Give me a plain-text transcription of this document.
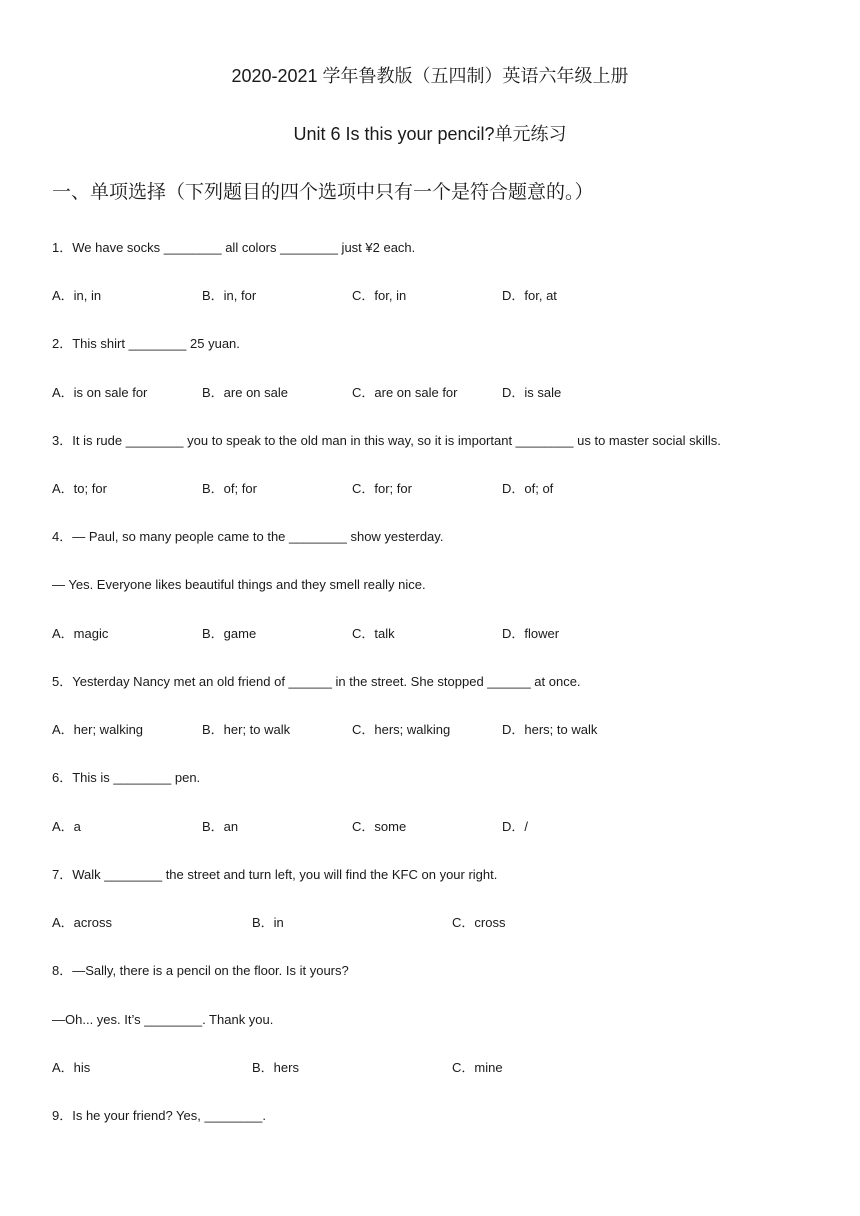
2020-2021 学年鲁教版（五四制）英语六年级上册
Unit 6 Is this your pencil?单元练习
一、单项选择（下列题目的四个选项中只有一个是符合题意的。）
1．We have socks ________ all colors ________ just ¥2 each.
A．in, in	B．in, for	C．for, in	D．for, at
2．This shirt ________ 25 yuan.
A．is on sale for	B．are on sale	C．are on sale for	D．is sale
3．It is rude ________ you to speak to the old man in this way, so it is important ________ us to master social skills.
A．to; for	B．of; for	C．for; for	D．of; of
4．— Paul, so many people came to the ________ show yesterday.
— Yes. Everyone likes beautiful things and they smell really nice.
A．magic	B．game	C．talk	D．flower
5．Yesterday Nancy met an old friend of ______ in the street. She stopped ______ at once.
A．her; walking	B．her; to walk	C．hers; walking	D．hers; to walk
6．This is ________ pen.
A．a	B．an	C．some	D．/
7．Walk ________ the street and turn left, you will find the KFC on your right.
A．across	B．in	C．cross
8．—Sally, there is a pencil on the floor. Is it yours?
—Oh... yes. It’s ________. Thank you.
A．his	B．hers	C．mine
9．Is he your friend? Yes, ________.
